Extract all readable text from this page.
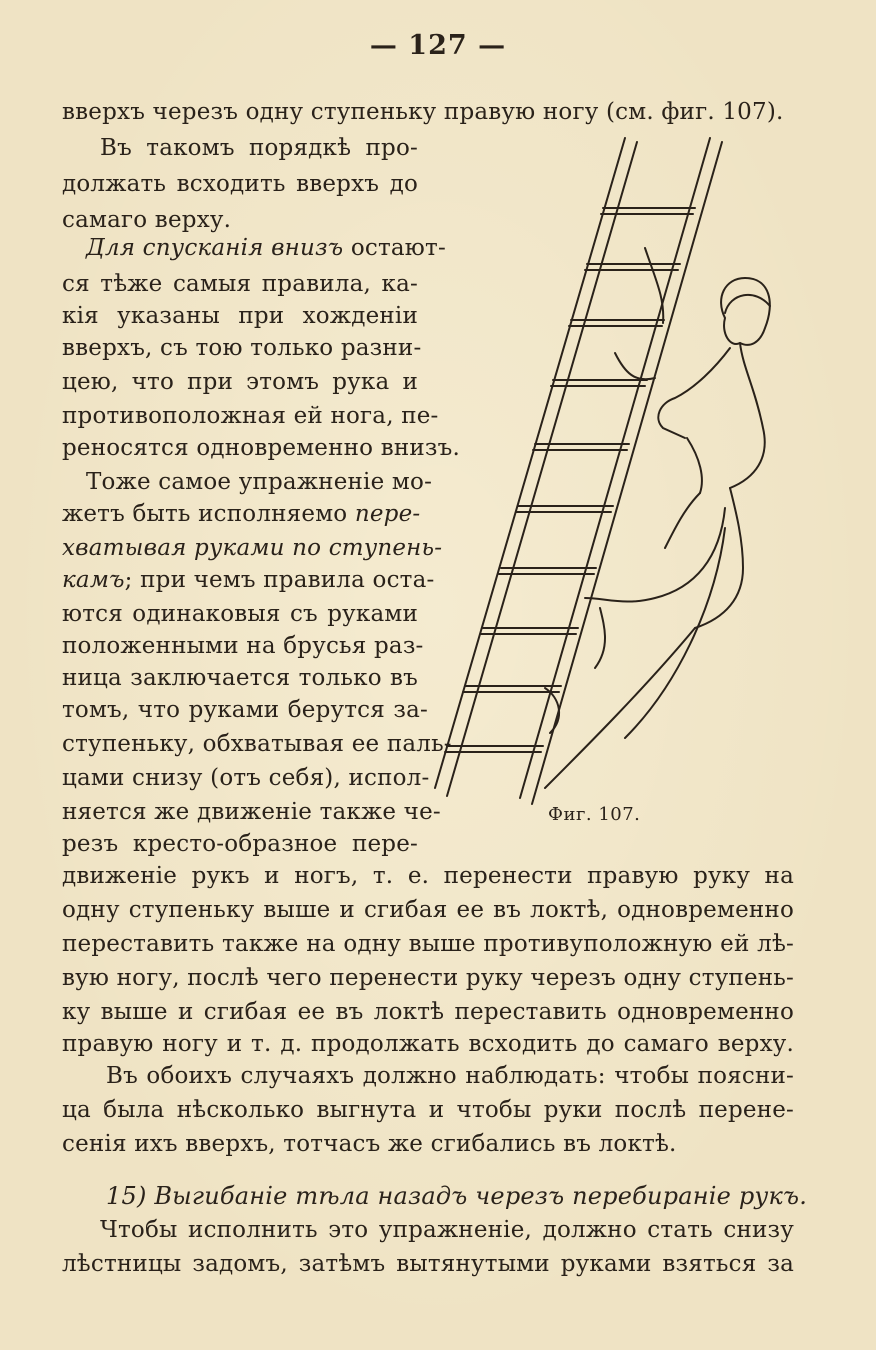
— 127 —
вверхъ черезъ одну ступеньку правую ногу (см. фиг. 107).
Въ такомъ порядкѣ про-
должать всходить вверхъ до
самаго верху.
Для спусканія внизъ остают-
ся тѣже самыя правила, ка-
кія указаны при хожденіи
вверхъ, съ тою только разни-
цею, что при этомъ рука и
противоположная ей нога, пе-
реносятся одновременно внизъ.
Тоже самое упражненіе мо-
жетъ быть исполняемо пере-
хватывая руками по ступень-
камъ; при чемъ правила оста-
ются одинаковыя съ руками
положенными на брусья раз-
ница заключается только въ
томъ, что руками берутся за-
ступеньку, обхватывая ее паль-
цами снизу (отъ себя), испол-
няется же движеніе также че-
резъ кресто-образное пере-
движеніе рукъ и ногъ, т. е. перенести правую руку на
одну ступеньку выше и сгибая ее въ локтѣ, одновременно
переставить также на одну выше противуположную ей лѣ-
вую ногу, послѣ чего перенести руку черезъ одну ступень-
ку выше и сгибая ее въ локтѣ переставить одновременно
правую ногу и т. д. продолжать всходить до самаго верху.
Въ обоихъ случаяхъ должно наблюдать: чтобы поясни-
ца была нѣсколько выгнута и чтобы руки послѣ перене-
сенія ихъ вверхъ, тотчасъ же сгибались въ локтѣ.
15) Выгибаніе тѣла назадъ черезъ перебираніе рукъ.
Чтобы исполнить это упражненіе, должно стать снизу
лѣстницы задомъ, затѣмъ вытянутыми руками взяться за
Фиг. 107.
